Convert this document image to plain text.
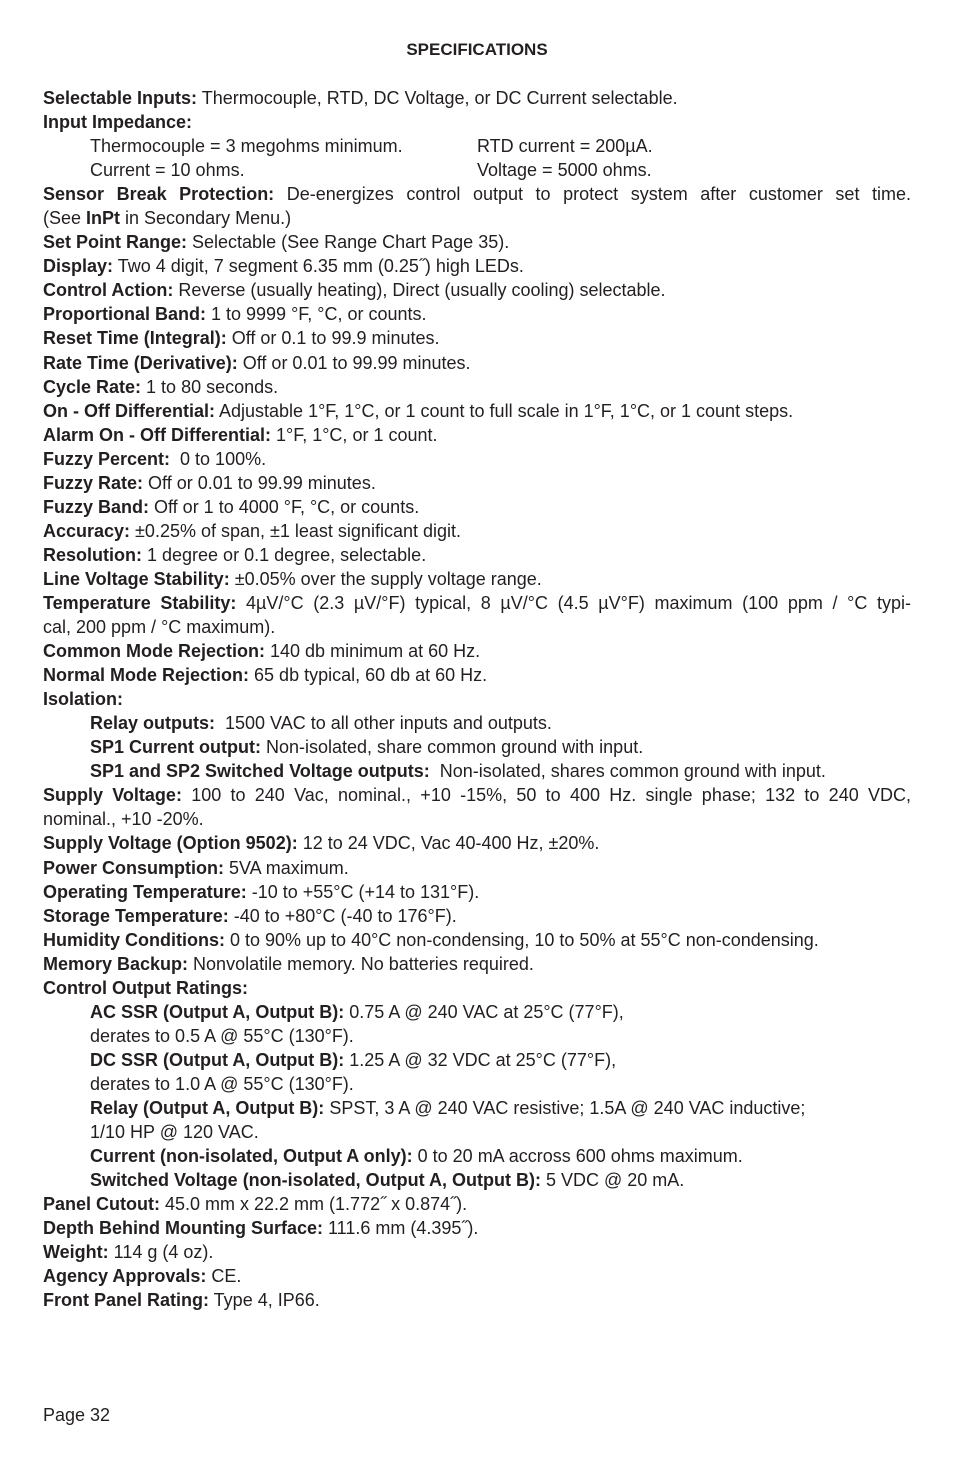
SPECIFICATIONS
Selectable Inputs: Thermocouple, RTD, DC Voltage, or DC Current selectable.
Input Impedance:
Thermocouple = 3 megohms minimum.	RTD current = 200µA.
Current = 10 ohms.	Voltage = 5000 ohms.
Sensor Break Protection: De-energizes control output to protect system after customer set time.
(See InPt in Secondary Menu.)
Set Point Range: Selectable (See Range Chart Page 35).
Display: Two 4 digit, 7 segment 6.35 mm (0.25˝) high LEDs.
Control Action: Reverse (usually heating), Direct (usually cooling) selectable.
Proportional Band: 1 to 9999 °F, °C, or counts.
Reset Time (Integral): Off or 0.1 to 99.9 minutes.
Rate Time (Derivative): Off or 0.01 to 99.99 minutes.
Cycle Rate: 1 to 80 seconds.
On - Off Differential: Adjustable 1°F, 1°C, or 1 count to full scale in 1°F, 1°C, or 1 count steps.
Alarm On - Off Differential: 1°F, 1°C, or 1 count.
Fuzzy Percent:  0 to 100%.
Fuzzy Rate: Off or 0.01 to 99.99 minutes.
Fuzzy Band: Off or 1 to 4000 °F, °C, or counts.
Accuracy: ±0.25% of span, ±1 least significant digit.
Resolution: 1 degree or 0.1 degree, selectable.
Line Voltage Stability: ±0.05% over the supply voltage range.
Temperature Stability: 4µV/°C (2.3 µV/°F) typical, 8 µV/°C (4.5 µV°F) maximum (100 ppm / °C typi-
cal, 200 ppm / °C maximum).
Common Mode Rejection: 140 db minimum at 60 Hz.
Normal Mode Rejection: 65 db typical, 60 db at 60 Hz.
Isolation:
Relay outputs:  1500 VAC to all other inputs and outputs.
SP1 Current output: Non-isolated, share common ground with input.
SP1 and SP2 Switched Voltage outputs:  Non-isolated, shares common ground with input.
Supply Voltage: 100 to 240 Vac, nominal., +10 -15%, 50 to 400 Hz. single phase; 132 to 240 VDC,
nominal., +10 -20%.
Supply Voltage (Option 9502): 12 to 24 VDC, Vac 40-400 Hz, ±20%.
Power Consumption: 5VA maximum.
Operating Temperature: -10 to +55°C (+14 to 131°F).
Storage Temperature: -40 to +80°C (-40 to 176°F).
Humidity Conditions: 0 to 90% up to 40°C non-condensing, 10 to 50% at 55°C non-condensing.
Memory Backup: Nonvolatile memory. No batteries required.
Control Output Ratings:
AC SSR (Output A, Output B): 0.75 A @ 240 VAC at 25°C (77°F),
derates to 0.5 A @ 55°C (130°F).
DC SSR (Output A, Output B): 1.25 A @ 32 VDC at 25°C (77°F),
derates to 1.0 A @ 55°C (130°F).
Relay (Output A, Output B): SPST, 3 A @ 240 VAC resistive; 1.5A @ 240 VAC inductive;
1/10 HP @ 120 VAC.
Current (non-isolated, Output A only): 0 to 20 mA accross 600 ohms maximum.
Switched Voltage (non-isolated, Output A, Output B): 5 VDC @ 20 mA.
Panel Cutout: 45.0 mm x 22.2 mm (1.772˝ x 0.874˝).
Depth Behind Mounting Surface: 111.6 mm (4.395˝).
Weight: 114 g (4 oz).
Agency Approvals: CE.
Front Panel Rating: Type 4, IP66.
Page 32
